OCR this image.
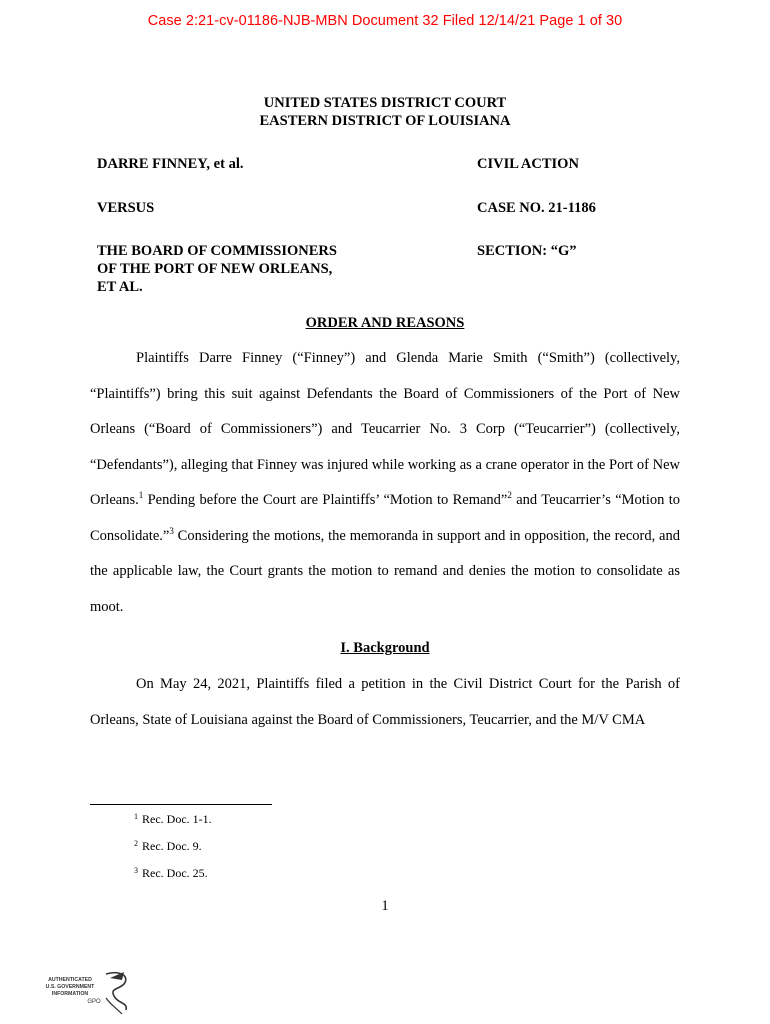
Case 2:21-cv-01186-NJB-MBN Document 32 Filed 12/14/21 Page 1 of 30
UNITED STATES DISTRICT COURT
EASTERN DISTRICT OF LOUISIANA
DARRE FINNEY, et al.	CIVIL ACTION
VERSUS	CASE NO. 21-1186
THE BOARD OF COMMISSIONERS
OF THE PORT OF NEW ORLEANS,
ET AL.
SECTION: “G”
ORDER AND REASONS
Plaintiffs Darre Finney (“Finney”) and Glenda Marie Smith (“Smith”) (collectively, “Plaintiffs”) bring this suit against Defendants the Board of Commissioners of the Port of New Orleans (“Board of Commissioners”) and Teucarrier No. 3 Corp (“Teucarrier”) (collectively, “Defendants”), alleging that Finney was injured while working as a crane operator in the Port of New Orleans.$^1$ Pending before the Court are Plaintiffs’ “Motion to Remand”$^2$ and Teucarrier’s “Motion to Consolidate.”$^3$ Considering the motions, the memoranda in support and in opposition, the record, and the applicable law, the Court grants the motion to remand and denies the motion to consolidate as moot.
I. Background
On May 24, 2021, Plaintiffs filed a petition in the Civil District Court for the Parish of Orleans, State of Louisiana against the Board of Commissioners, Teucarrier, and the M/V CMA
$^1$ Rec. Doc. 1-1.
$^2$ Rec. Doc. 9.
$^3$ Rec. Doc. 25.
1
AUTHENTICATED
U.S. GOVERNMENT
INFORMATION
GPO
